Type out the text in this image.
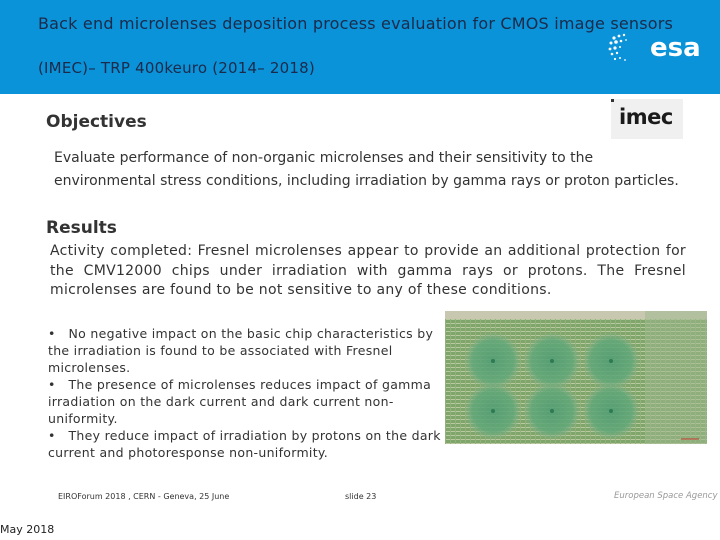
Back end microlenses deposition process evaluation for CMOS image sensors
(IMEC)– TRP 400keuro (2014– 2018)
esa
imec
Objectives
Evaluate performance of non-organic microlenses and their sensitivity to the environmental stress conditions, including irradiation by gamma rays or proton particles.
Results
Activity completed: Fresnel microlenses appear to provide an additional protection for the CMV12000 chips under irradiation with gamma rays or protons. The Fresnel microlenses are found to be not sensitive to any of these conditions.
•   No negative impact on the basic chip characteristics by the irradiation is found to be associated with Fresnel microlenses.
•   The presence of microlenses reduces impact of gamma irradiation on the dark current and dark current non-uniformity.
•   They reduce impact of irradiation by protons on the dark current and photoresponse non-uniformity.
EIROForum 2018 , CERN - Geneva, 25 June	slide 23	European Space Agency
May 2018
